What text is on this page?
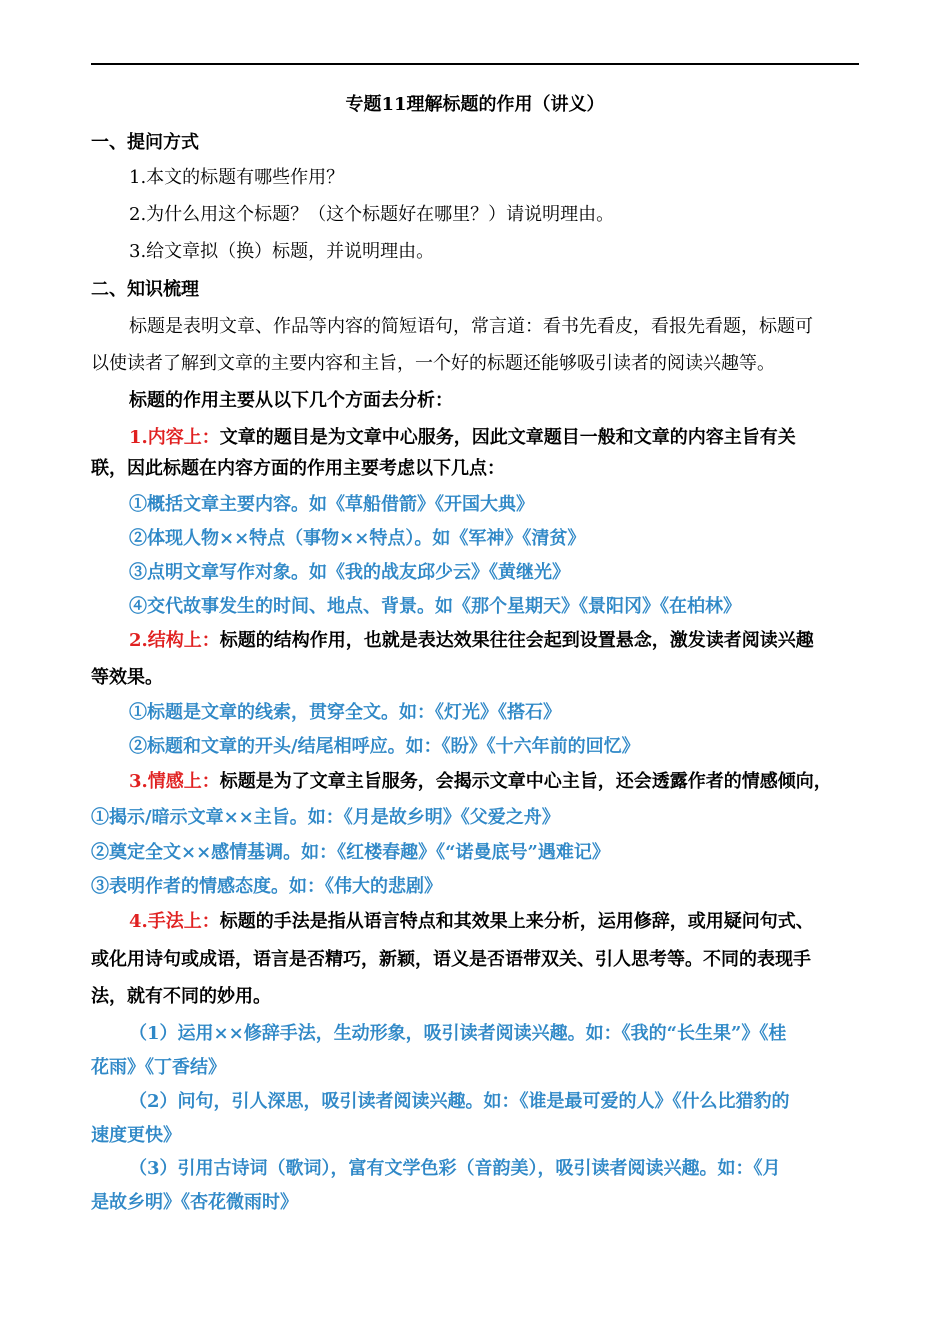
专题11理解标题的作用（讲义）
一、提问方式
1.本文的标题有哪些作用？
2.为什么用这个标题？（这个标题好在哪里？）请说明理由。
3.给文章拟（换）标题，并说明理由。
二、知识梳理
标题是表明文章、作品等内容的简短语句，常言道：看书先看皮，看报先看题，标题可
以使读者了解到文章的主要内容和主旨，一个好的标题还能够吸引读者的阅读兴趣等。
标题的作用主要从以下几个方面去分析：
1.内容上：文章的题目是为文章中心服务，因此文章题目一般和文章的内容主旨有关
联，因此标题在内容方面的作用主要考虑以下几点：
①概括文章主要内容。如《草船借箭》《开国大典》
②体现人物××特点（事物××特点）。如《军神》《清贫》
③点明文章写作对象。如《我的战友邱少云》《黄继光》
④交代故事发生的时间、地点、背景。如《那个星期天》《景阳冈》《在柏林》
2.结构上：标题的结构作用，也就是表达效果往往会起到设置悬念，激发读者阅读兴趣
等效果。
①标题是文章的线索，贯穿全文。如：《灯光》《搭石》
②标题和文章的开头/结尾相呼应。如：《盼》《十六年前的回忆》
3.情感上：标题是为了文章主旨服务，会揭示文章中心主旨，还会透露作者的情感倾向，
①揭示/暗示文章××主旨。如：《月是故乡明》《父爱之舟》
②奠定全文××感情基调。如：《红楼春趣》《“诺曼底号”遇难记》
③表明作者的情感态度。如：《伟大的悲剧》
4.手法上：标题的手法是指从语言特点和其效果上来分析，运用修辞，或用疑问句式、
或化用诗句或成语，语言是否精巧，新颖，语义是否语带双关、引人思考等。不同的表现手
法，就有不同的妙用。
（1）运用××修辞手法，生动形象，吸引读者阅读兴趣。如：《我的“长生果”》《桂
花雨》《丁香结》
（2）问句，引人深思，吸引读者阅读兴趣。如：《谁是最可爱的人》《什么比猎豹的
速度更快》
（3）引用古诗词（歌词），富有文学色彩（音韵美），吸引读者阅读兴趣。如：《月
是故乡明》《杏花微雨时》
